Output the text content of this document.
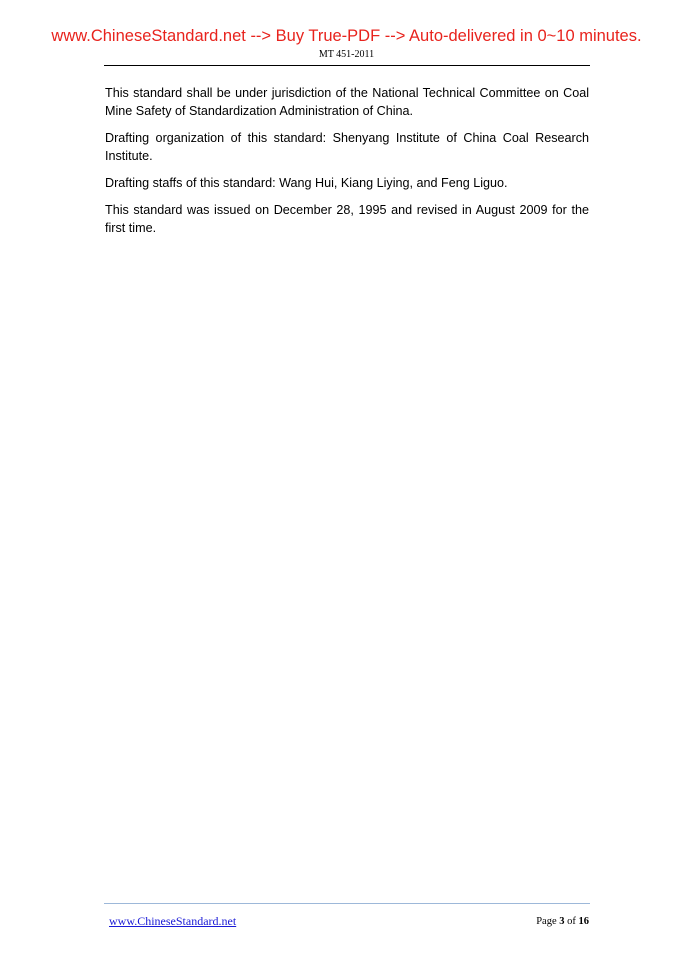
www.ChineseStandard.net --> Buy True-PDF --> Auto-delivered in 0~10 minutes.
MT 451-2011

This standard shall be under jurisdiction of the National Technical Committee on Coal Mine Safety of Standardization Administration of China.

Drafting organization of this standard: Shenyang Institute of China Coal Research Institute.

Drafting staffs of this standard: Wang Hui, Kiang Liying, and Feng Liguo.

This standard was issued on December 28, 1995 and revised in August 2009 for the first time.

www.ChineseStandard.net	Page 3 of 16
